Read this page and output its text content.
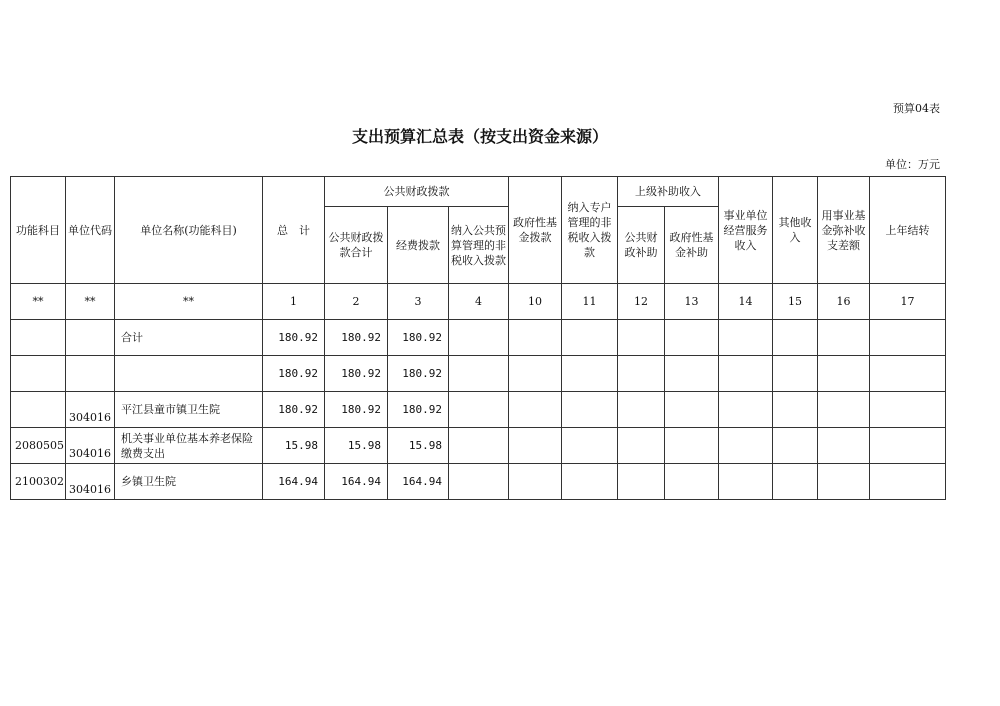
预算04表
支出预算汇总表（按支出资金来源）
单位：万元
功能科目	单位代码	单位名称(功能科目)	总　计	公共财政拨款			政府性基金拨款	纳入专户管理的非税收入拨款	上级补助收入		事业单位经营服务收入	其他收入	用事业基金弥补收支差额	上年结转
				公共财政拨款合计	经费拨款	纳入公共预算管理的非税收入拨款			公共财政补助	政府性基金补助				
**	**	**	1	2	3	4	10	11	12	13	14	15	16	17
		合计	180.92	180.92	180.92									
			180.92	180.92	180.92									
	304016	平江县童市镇卫生院	180.92	180.92	180.92									
2080505	304016	机关事业单位基本养老保险缴费支出	15.98	15.98	15.98									
2100302	304016	乡镇卫生院	164.94	164.94	164.94									
